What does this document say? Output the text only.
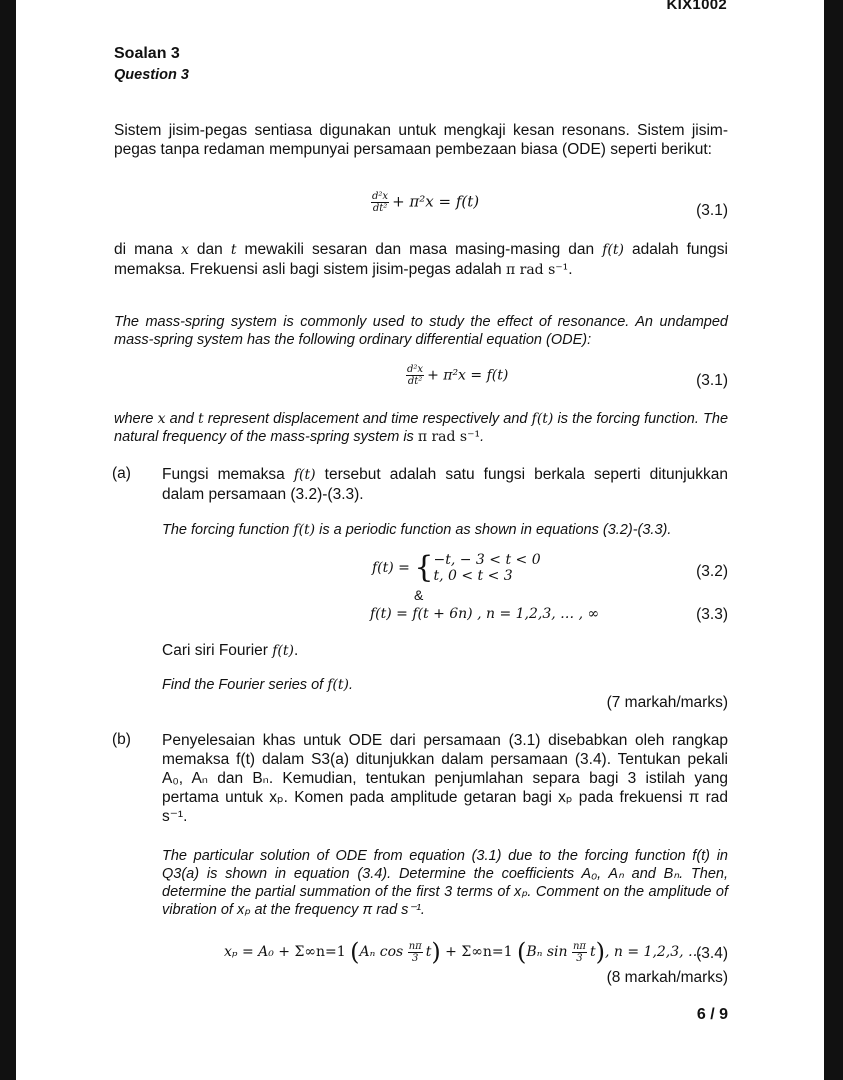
KIX1002
Soalan 3
Question 3
Sistem jisim-pegas sentiasa digunakan untuk mengkaji kesan resonans. Sistem jisim-pegas tanpa redaman mempunyai persamaan pembezaan biasa (ODE) seperti berikut:
$\frac{\text{d²x}}{\text{dt²}} + \pi^2x = f(t)$	(3.1)
di mana x dan t mewakili sesaran dan masa masing-masing dan f(t) adalah fungsi memaksa. Frekuensi asli bagi sistem jisim-pegas adalah π rad s⁻¹.
The mass-spring system is commonly used to study the effect of resonance. An undamped mass-spring system has the following ordinary differential equation (ODE):
$\frac{\text{d²x}}{\text{dt²}} + \pi^2x = f(t)$	(3.1)
where x and t represent displacement and time respectively and f(t) is the forcing function. The natural frequency of the mass-spring system is π rad s⁻¹.
(a) Fungsi memaksa f(t) tersebut adalah satu fungsi berkala seperti ditunjukkan dalam persamaan (3.2)-(3.3).
The forcing function f(t) is a periodic function as shown in equations (3.2)-(3.3).
f(t) = { −t, − 3 < t < 0
t, 0 < t < 3	(3.2)
&
f(t) = f(t + 6n) , n = 1,2,3, … , ∞	(3.3)
Cari siri Fourier f(t).
Find the Fourier series of f(t).
(7 markah/marks)
(b) Penyelesaian khas untuk ODE dari persamaan (3.1) disebabkan oleh rangkap memaksa f(t) dalam S3(a) ditunjukkan dalam persamaan (3.4). Tentukan pekali A₀, Aₙ dan Bₙ. Kemudian, tentukan penjumlahan separa bagi 3 istilah yang pertama untuk xₚ. Komen pada amplitude getaran bagi xₚ pada frekuensi π rad s⁻¹.
The particular solution of ODE from equation (3.1) due to the forcing function f(t) in Q3(a) is shown in equation (3.4). Determine the coefficients A₀, Aₙ and Bₙ. Then, determine the partial summation of the first 3 terms of xₚ. Comment on the amplitude of vibration of xₚ at the frequency π rad s⁻¹.
xₚ = A₀ + Σ∞n=1 (Aₙ $\cos \frac{n\pi}{3} t) + \Sigma\infty n=1$ (Bₙ $\sin \frac{n\pi}{3} t$), n = 1,2,3, …
(3.4)
(8 markah/marks)
6 / 9
